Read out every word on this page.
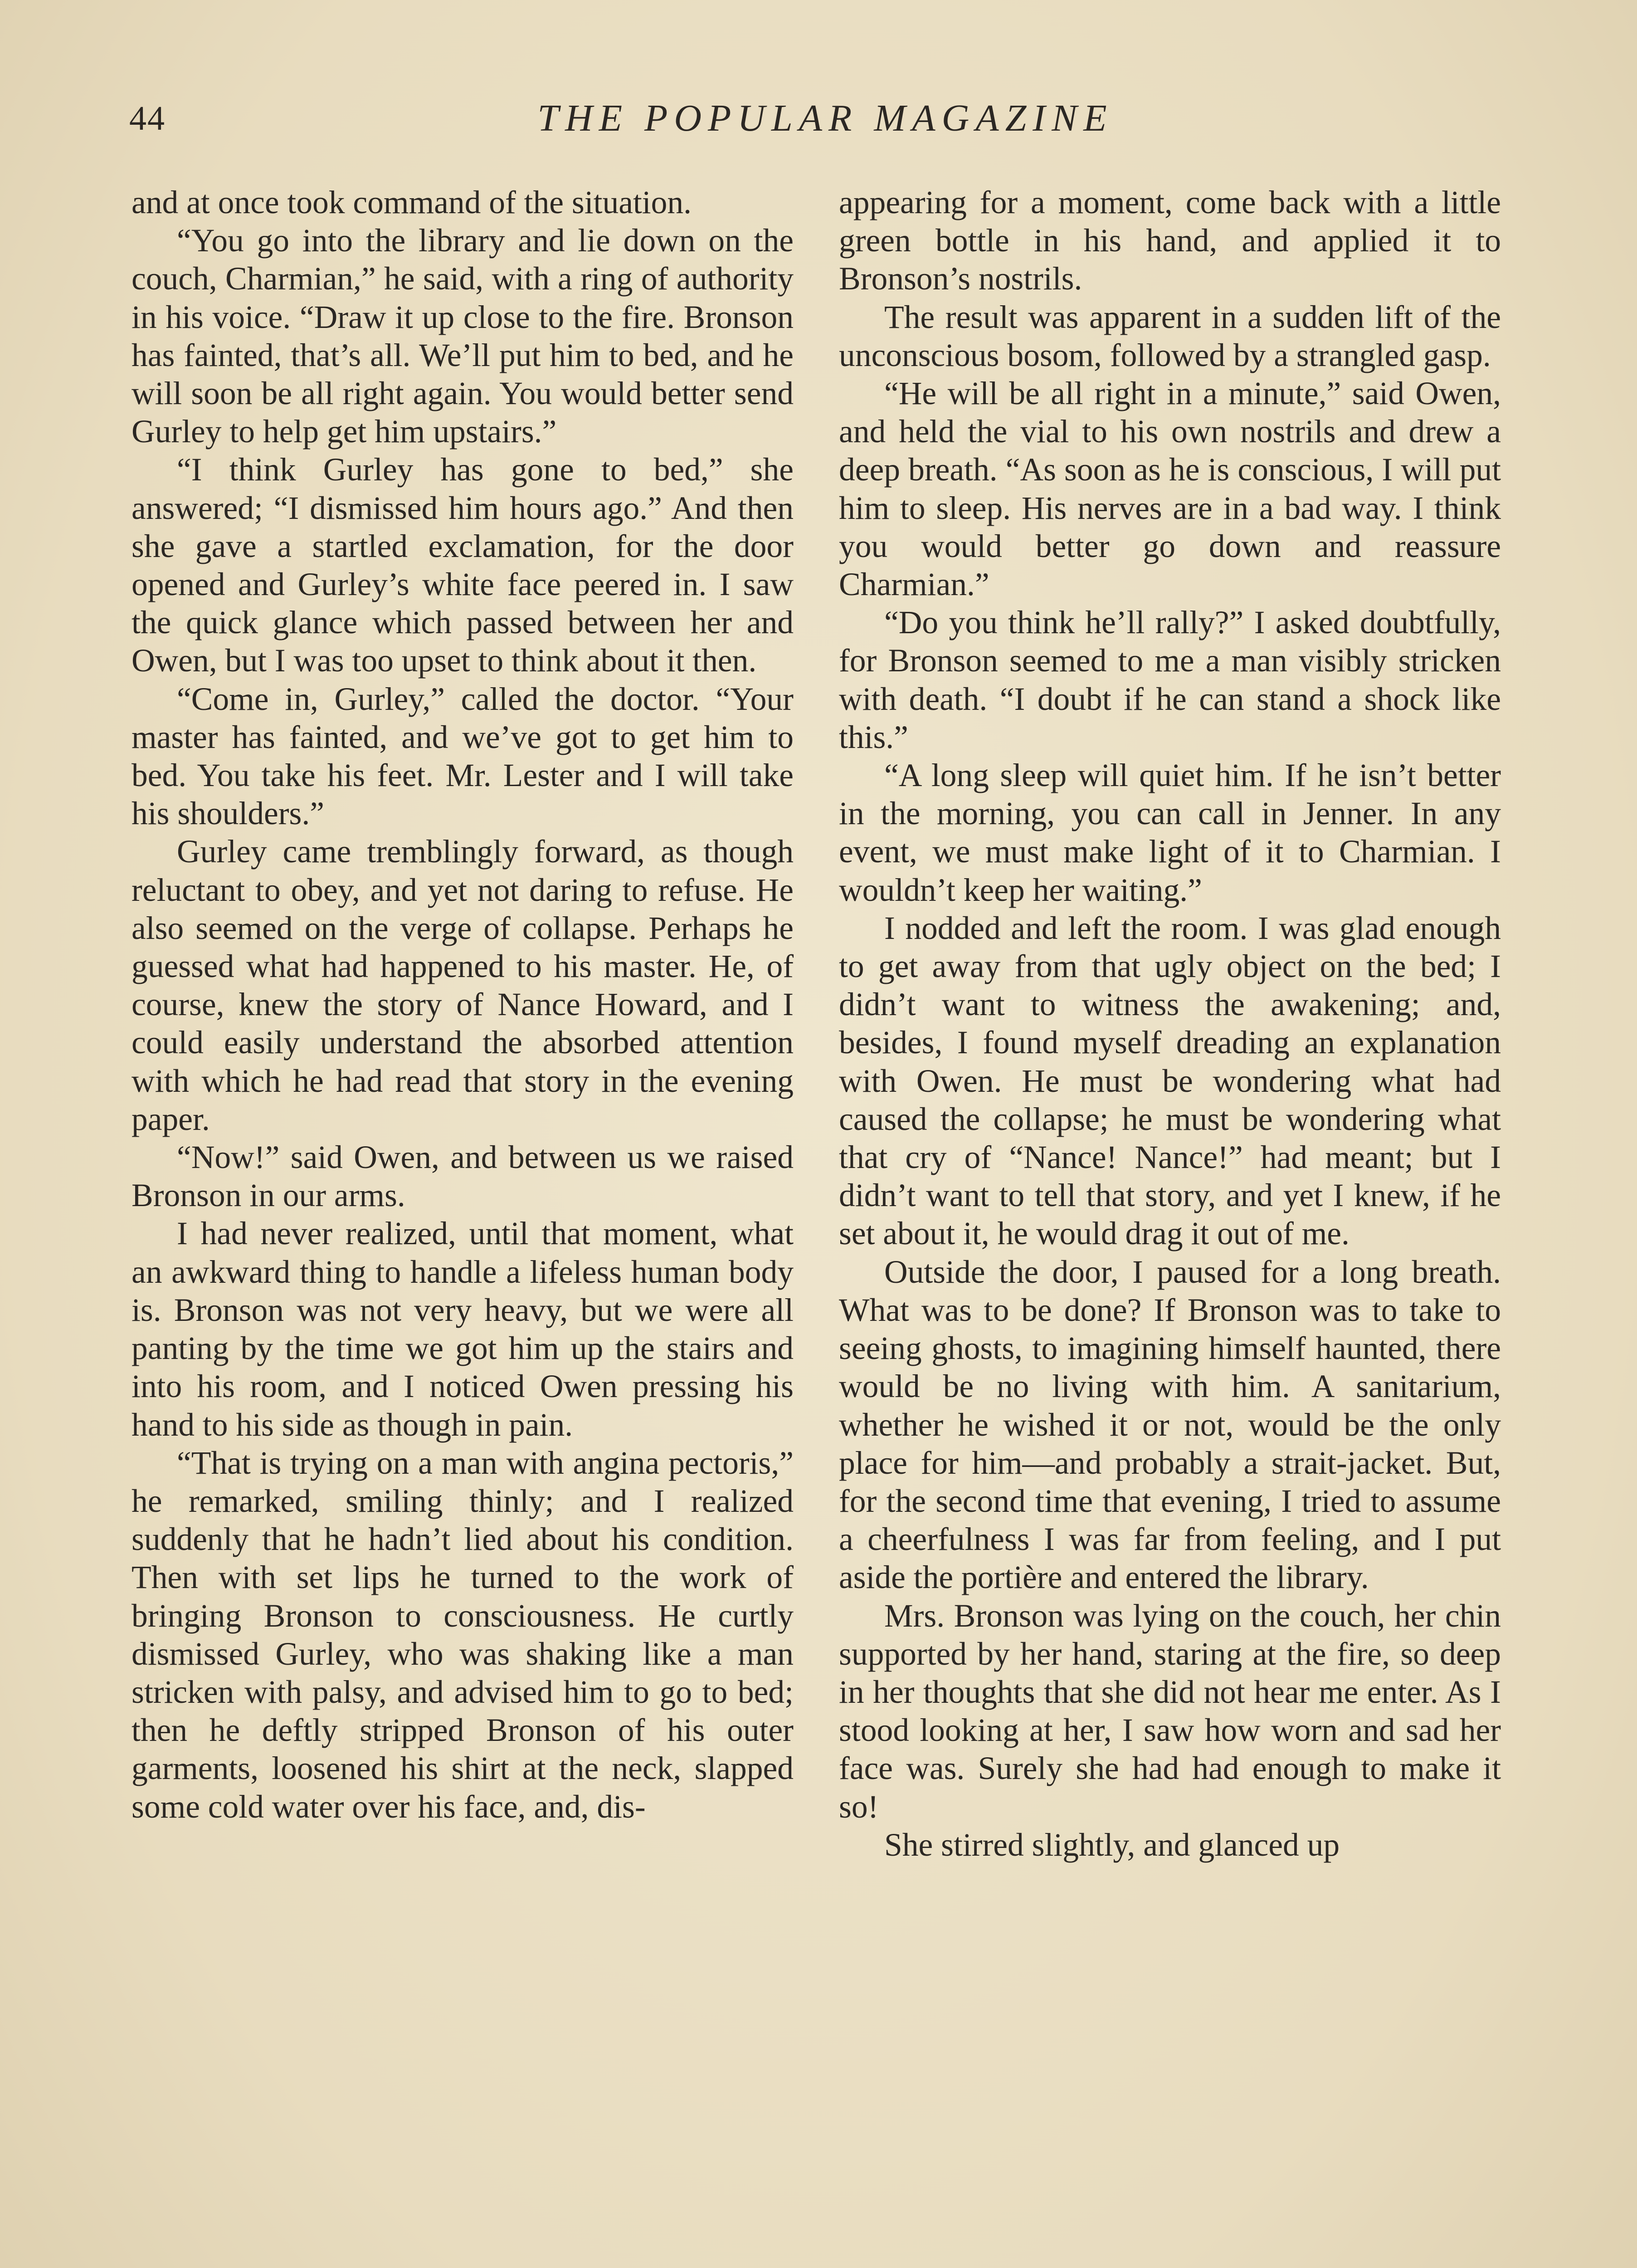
44	THE POPULAR MAGAZINE

and at once took command of the situation.

“You go into the library and lie down on the couch, Charmian,” he said, with a ring of authority in his voice. “Draw it up close to the fire. Bronson has fainted, that’s all. We’ll put him to bed, and he will soon be all right again. You would better send Gurley to help get him upstairs.”

“I think Gurley has gone to bed,” she answered; “I dismissed him hours ago.” And then she gave a startled exclamation, for the door opened and Gurley’s white face peered in. I saw the quick glance which passed between her and Owen, but I was too upset to think about it then.

“Come in, Gurley,” called the doctor. “Your master has fainted, and we’ve got to get him to bed. You take his feet. Mr. Lester and I will take his shoulders.”

Gurley came tremblingly forward, as though reluctant to obey, and yet not daring to refuse. He also seemed on the verge of collapse. Perhaps he guessed what had happened to his master. He, of course, knew the story of Nance Howard, and I could easily understand the absorbed attention with which he had read that story in the evening paper.

“Now!” said Owen, and between us we raised Bronson in our arms.

I had never realized, until that moment, what an awkward thing to handle a lifeless human body is. Bronson was not very heavy, but we were all panting by the time we got him up the stairs and into his room, and I noticed Owen pressing his hand to his side as though in pain.

“That is trying on a man with angina pectoris,” he remarked, smiling thinly; and I realized suddenly that he hadn’t lied about his condition. Then with set lips he turned to the work of bringing Bronson to consciousness. He curtly dismissed Gurley, who was shaking like a man stricken with palsy, and advised him to go to bed; then he deftly stripped Bronson of his outer garments, loosened his shirt at the neck, slapped some cold water over his face, and, dis-

appearing for a moment, come back with a little green bottle in his hand, and applied it to Bronson’s nostrils.

The result was apparent in a sudden lift of the unconscious bosom, followed by a strangled gasp.

“He will be all right in a minute,” said Owen, and held the vial to his own nostrils and drew a deep breath. “As soon as he is conscious, I will put him to sleep. His nerves are in a bad way. I think you would better go down and reassure Charmian.”

“Do you think he’ll rally?” I asked doubtfully, for Bronson seemed to me a man visibly stricken with death. “I doubt if he can stand a shock like this.”

“A long sleep will quiet him. If he isn’t better in the morning, you can call in Jenner. In any event, we must make light of it to Charmian. I wouldn’t keep her waiting.”

I nodded and left the room. I was glad enough to get away from that ugly object on the bed; I didn’t want to witness the awakening; and, besides, I found myself dreading an explanation with Owen. He must be wondering what had caused the collapse; he must be wondering what that cry of “Nance! Nance!” had meant; but I didn’t want to tell that story, and yet I knew, if he set about it, he would drag it out of me.

Outside the door, I paused for a long breath. What was to be done? If Bronson was to take to seeing ghosts, to imagining himself haunted, there would be no living with him. A sanitarium, whether he wished it or not, would be the only place for him—and probably a strait-jacket. But, for the second time that evening, I tried to assume a cheerfulness I was far from feeling, and I put aside the portière and entered the library.

Mrs. Bronson was lying on the couch, her chin supported by her hand, staring at the fire, so deep in her thoughts that she did not hear me enter. As I stood looking at her, I saw how worn and sad her face was. Surely she had had enough to make it so!

She stirred slightly, and glanced up
